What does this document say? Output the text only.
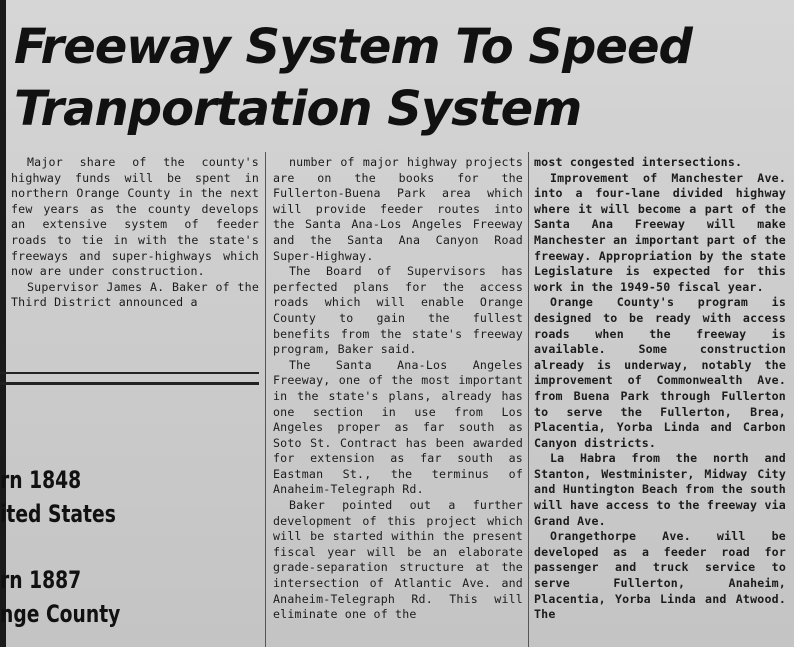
Freeway System To Speed
Tranportation System

Major share of the county's highway funds will be spent in northern Orange County in the next few years as the county develops an extensive system of feeder roads to tie in with the state's freeways and super-highways which now are under construction.

Supervisor James A. Baker of the Third District announced a

rn 1848
ited States
rn 1887
nge County

number of major highway projects are on the books for the Fullerton-Buena Park area which will provide feeder routes into the Santa Ana-Los Angeles Freeway and the Santa Ana Canyon Road Super-Highway.

The Board of Supervisors has perfected plans for the access roads which will enable Orange County to gain the fullest benefits from the state's freeway program, Baker said.

The Santa Ana-Los Angeles Freeway, one of the most important in the state's plans, already has one section in use from Los Angeles proper as far south as Soto St. Contract has been awarded for extension as far south as Eastman St., the terminus of Anaheim-Telegraph Rd.

Baker pointed out a further development of this project which will be started within the present fiscal year will be an elaborate grade-separation structure at the intersection of Atlantic Ave. and Anaheim-Telegraph Rd. This will eliminate one of the

most congested intersections.

Improvement of Manchester Ave. into a four-lane divided highway where it will become a part of the Santa Ana Freeway will make Manchester an important part of the freeway. Appropriation by the state Legislature is expected for this work in the 1949-50 fiscal year.

Orange County's program is designed to be ready with access roads when the freeway is available. Some construction already is underway, notably the improvement of Commonwealth Ave. from Buena Park through Fullerton to serve the Fullerton, Brea, Placentia, Yorba Linda and Carbon Canyon districts.

La Habra from the north and Stanton, Westminister, Midway City and Huntington Beach from the south will have access to the freeway via Grand Ave.

Orangethorpe Ave. will be developed as a feeder road for passenger and truck service to serve Fullerton, Anaheim, Placentia, Yorba Linda and Atwood. The
